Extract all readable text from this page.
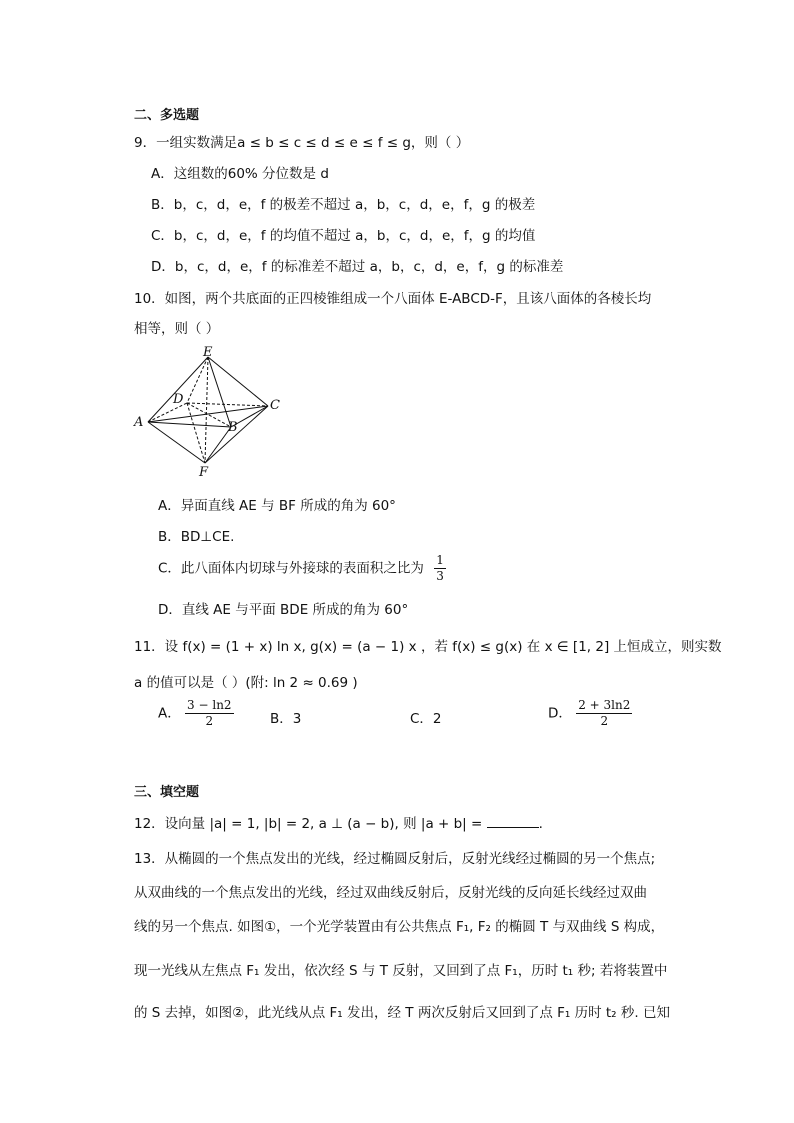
二、多选题
9．一组实数满足a ≤ b ≤ c ≤ d ≤ e ≤ f ≤ g，则（ ）
A．这组数的60% 分位数是 d
B．b，c，d，e，f 的极差不超过 a，b，c，d，e，f，g 的极差
C．b，c，d，e，f 的均值不超过 a，b，c，d，e，f，g 的均值
D．b，c，d，e，f 的标准差不超过 a，b，c，d，e，f，g 的标准差
10．如图，两个共底面的正四棱锥组成一个八面体 E-ABCD-F，且该八面体的各棱长均
相等，则（ ）
E
D	C
A	B
F
A．异面直线 AE 与 BF 所成的角为 60°
B．BD⊥CE.
C．此八面体内切球与外接球的表面积之比为 $\frac{1}{3}$
D．直线 AE 与平面 BDE 所成的角为 60°
11．设 f(x) = (1 + x) ln x, g(x) = (a − 1) x ，若 f(x) ≤ g(x) 在 x ∈ [1, 2] 上恒成立，则实数
a 的值可以是（ ）(附: ln 2 ≈ 0.69 )
A． $\frac{3 - \ln 2}{2}$	B．3	C．2	D． $\frac{2 + 3\ln 2}{2}$
三、填空题
12．设向量 |a| = 1, |b| = 2, a ⊥ (a − b), 则 |a + b| =	.
13．从椭圆的一个焦点发出的光线，经过椭圆反射后，反射光线经过椭圆的另一个焦点;
从双曲线的一个焦点发出的光线，经过双曲线反射后，反射光线的反向延长线经过双曲
线的另一个焦点. 如图①，一个光学装置由有公共焦点 F₁, F₂ 的椭圆 T 与双曲线 S 构成，
现一光线从左焦点 F₁ 发出，依次经 S 与 T 反射，又回到了点 F₁，历时 t₁ 秒; 若将装置中
的 S 去掉，如图②，此光线从点 F₁ 发出，经 T 两次反射后又回到了点 F₁ 历时 t₂ 秒. 已知
